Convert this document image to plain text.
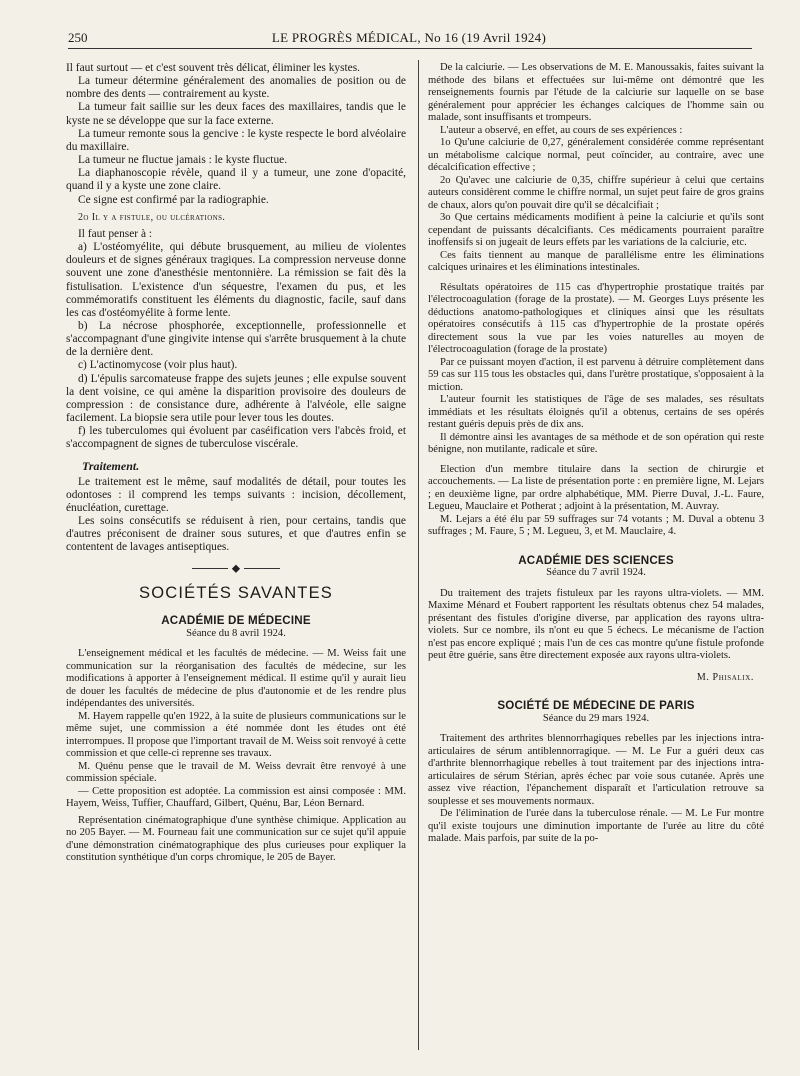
250	LE PROGRÈS MÉDICAL, No 16 (19 Avril 1924)

Il faut surtout — et c'est souvent très délicat, éliminer les kystes.

La tumeur détermine généralement des anomalies de position ou de nombre des dents — contrairement au kyste.

La tumeur fait saillie sur les deux faces des maxillaires, tandis que le kyste ne se développe que sur la face externe.

La tumeur remonte sous la gencive : le kyste respecte le bord alvéolaire du maxillaire.

La tumeur ne fluctue jamais : le kyste fluctue.

La diaphanoscopie révèle, quand il y a tumeur, une zone d'opacité, quand il y a kyste une zone claire.

Ce signe est confirmé par la radiographie.

2o Il y a fistule, ou ulcérations.

Il faut penser à :

a) L'ostéomyélite, qui débute brusquement, au milieu de violentes douleurs et de signes généraux tragiques. La compression nerveuse donne souvent une zone d'anesthésie mentonnière. La rémission se fait dès la fistulisation. L'existence d'un séquestre, l'examen du pus, et les commémoratifs constituent les éléments du diagnostic, facile, sauf dans les cas d'ostéomyélite à forme lente.

b) La nécrose phosphorée, exceptionnelle, professionnelle et s'accompagnant d'une gingivite intense qui s'arrête brusquement à la chute de la dernière dent.

c) L'actinomycose (voir plus haut).

d) L'épulis sarcomateuse frappe des sujets jeunes ; elle expulse souvent la dent voisine, ce qui amène la disparition provisoire des douleurs de compression : de consistance dure, adhérente à l'alvéole, elle saigne facilement. La biopsie sera utile pour lever tous les doutes.

f) les tuberculomes qui évoluent par caséification vers l'abcès froid, et s'accompagnent de signes de tuberculose viscérale.

Traitement.

Le traitement est le même, sauf modalités de détail, pour toutes les odontoses : il comprend les temps suivants : incision, décollement, énucléation, curettage.

Les soins consécutifs se réduisent à rien, pour certains, tandis que d'autres préconisent de drainer sous sutures, et que d'autres enfin se contentent de lavages antiseptiques.

⬥
SOCIÉTÉS SAVANTES
ACADÉMIE DE MÉDECINE
Séance du 8 avril 1924.

L'enseignement médical et les facultés de médecine. — M. Weiss fait une communication sur la réorganisation des facultés de médecine, sur les modifications à apporter à l'enseignement médical. Il estime qu'il y aurait lieu de douer les facultés de médecine de plus d'autonomie et de les rendre plus indépendantes des universités.

M. Hayem rappelle qu'en 1922, à la suite de plusieurs communications sur le même sujet, une commission a été nommée dont les études ont été interrompues. Il propose que l'important travail de M. Weiss soit renvoyé à cette commission et que celle-ci reprenne ses travaux.

M. Quénu pense que le travail de M. Weiss devrait être renvoyé à une commission spéciale.

— Cette proposition est adoptée. La commission est ainsi composée : MM. Hayem, Weiss, Tuffier, Chauffard, Gilbert, Quénu, Bar, Léon Bernard.

Représentation cinématographique d'une synthèse chimique. Application au no 205 Bayer. — M. Fourneau fait une communication sur ce sujet qu'il appuie d'une démonstration cinématographique des plus curieuses pour expliquer la constitution synthétique d'un corps chromique, le 205 de Bayer.

De la calciurie. — Les observations de M. E. Manoussakis, faites suivant la méthode des bilans et effectuées sur lui-même ont démontré que les renseignements fournis par l'étude de la calciurie sur laquelle on se base généralement pour apprécier les échanges calciques de l'homme sain ou malade, sont insuffisants et trompeurs.

L'auteur a observé, en effet, au cours de ses expériences :

1o Qu'une calciurie de 0,27, généralement considérée comme représentant un métabolisme calcique normal, peut coïncider, au contraire, avec une décalcification effective ;

2o Qu'avec une calciurie de 0,35, chiffre supérieur à celui que certains auteurs considèrent comme le chiffre normal, un sujet peut faire de gros grains de chaux, alors qu'on pouvait dire qu'il se décalcifiait ;

3o Que certains médicaments modifient à peine la calciurie et qu'ils sont cependant de puissants décalcifiants. Ces médicaments pourraient paraître inoffensifs si on jugeait de leurs effets par les variations de la calciurie, etc.

Ces faits tiennent au manque de parallélisme entre les éliminations calciques urinaires et les éliminations intestinales.

Résultats opératoires de 115 cas d'hypertrophie prostatique traités par l'électrocoagulation (forage de la prostate). — M. Georges Luys présente les déductions anatomo-pathologiques et cliniques ainsi que les résultats opératoires consécutifs à 115 cas d'hypertrophie de la prostate opérés directement sous la vue par les voies naturelles au moyen de l'électrocoagulation (forage de la prostate)

Par ce puissant moyen d'action, il est parvenu à détruire complètement dans 59 cas sur 115 tous les obstacles qui, dans l'urètre prostatique, s'opposaient à la miction.

L'auteur fournit les statistiques de l'âge de ses malades, ses résultats immédiats et les résultats éloignés qu'il a obtenus, certains de ses opérés restant guéris depuis près de dix ans.

Il démontre ainsi les avantages de sa méthode et de son opération qui reste bénigne, non mutilante, radicale et sûre.

Election d'un membre titulaire dans la section de chirurgie et accouchements. — La liste de présentation porte : en première ligne, M. Lejars ; en deuxième ligne, par ordre alphabétique, MM. Pierre Duval, J.-L. Faure, Legueu, Mauclaire et Potherat ; adjoint à la présentation, M. Auvray.

M. Lejars a été élu par 59 suffrages sur 74 votants ; M. Duval a obtenu 3 suffrages ; M. Faure, 5 ; M. Legueu, 3, et M. Mauclaire, 4.

ACADÉMIE DES SCIENCES
Séance du 7 avril 1924.

Du traitement des trajets fistuleux par les rayons ultra-violets. — MM. Maxime Ménard et Foubert rapportent les résultats obtenus chez 54 malades, présentant des fistules d'origine diverse, par application des rayons ultra-violets. Sur ce nombre, ils n'ont eu que 5 échecs. Le mécanisme de l'action n'est pas encore expliqué ; mais l'un de ces cas montre qu'une fistule profonde peut être guérie, sans être directement exposée aux rayons ultra-violets.

M. Phisalix.
SOCIÉTÉ DE MÉDECINE DE PARIS
Séance du 29 mars 1924.

Traitement des arthrites blennorrhagiques rebelles par les injections intra-articulaires de sérum antiblennorragique. — M. Le Fur a guéri deux cas d'arthrite blennorrhagique rebelles à tout traitement par des injections intra-articulaires de sérum Stérian, après échec par voie sous cutanée. Après une assez vive réaction, l'épanchement disparaît et l'articulation retrouve sa souplesse et ses mouvements normaux.

De l'élimination de l'urée dans la tuberculose rénale. — M. Le Fur montre qu'il existe toujours une diminution importante de l'urée au litre du côté malade. Mais parfois, par suite de la po-
